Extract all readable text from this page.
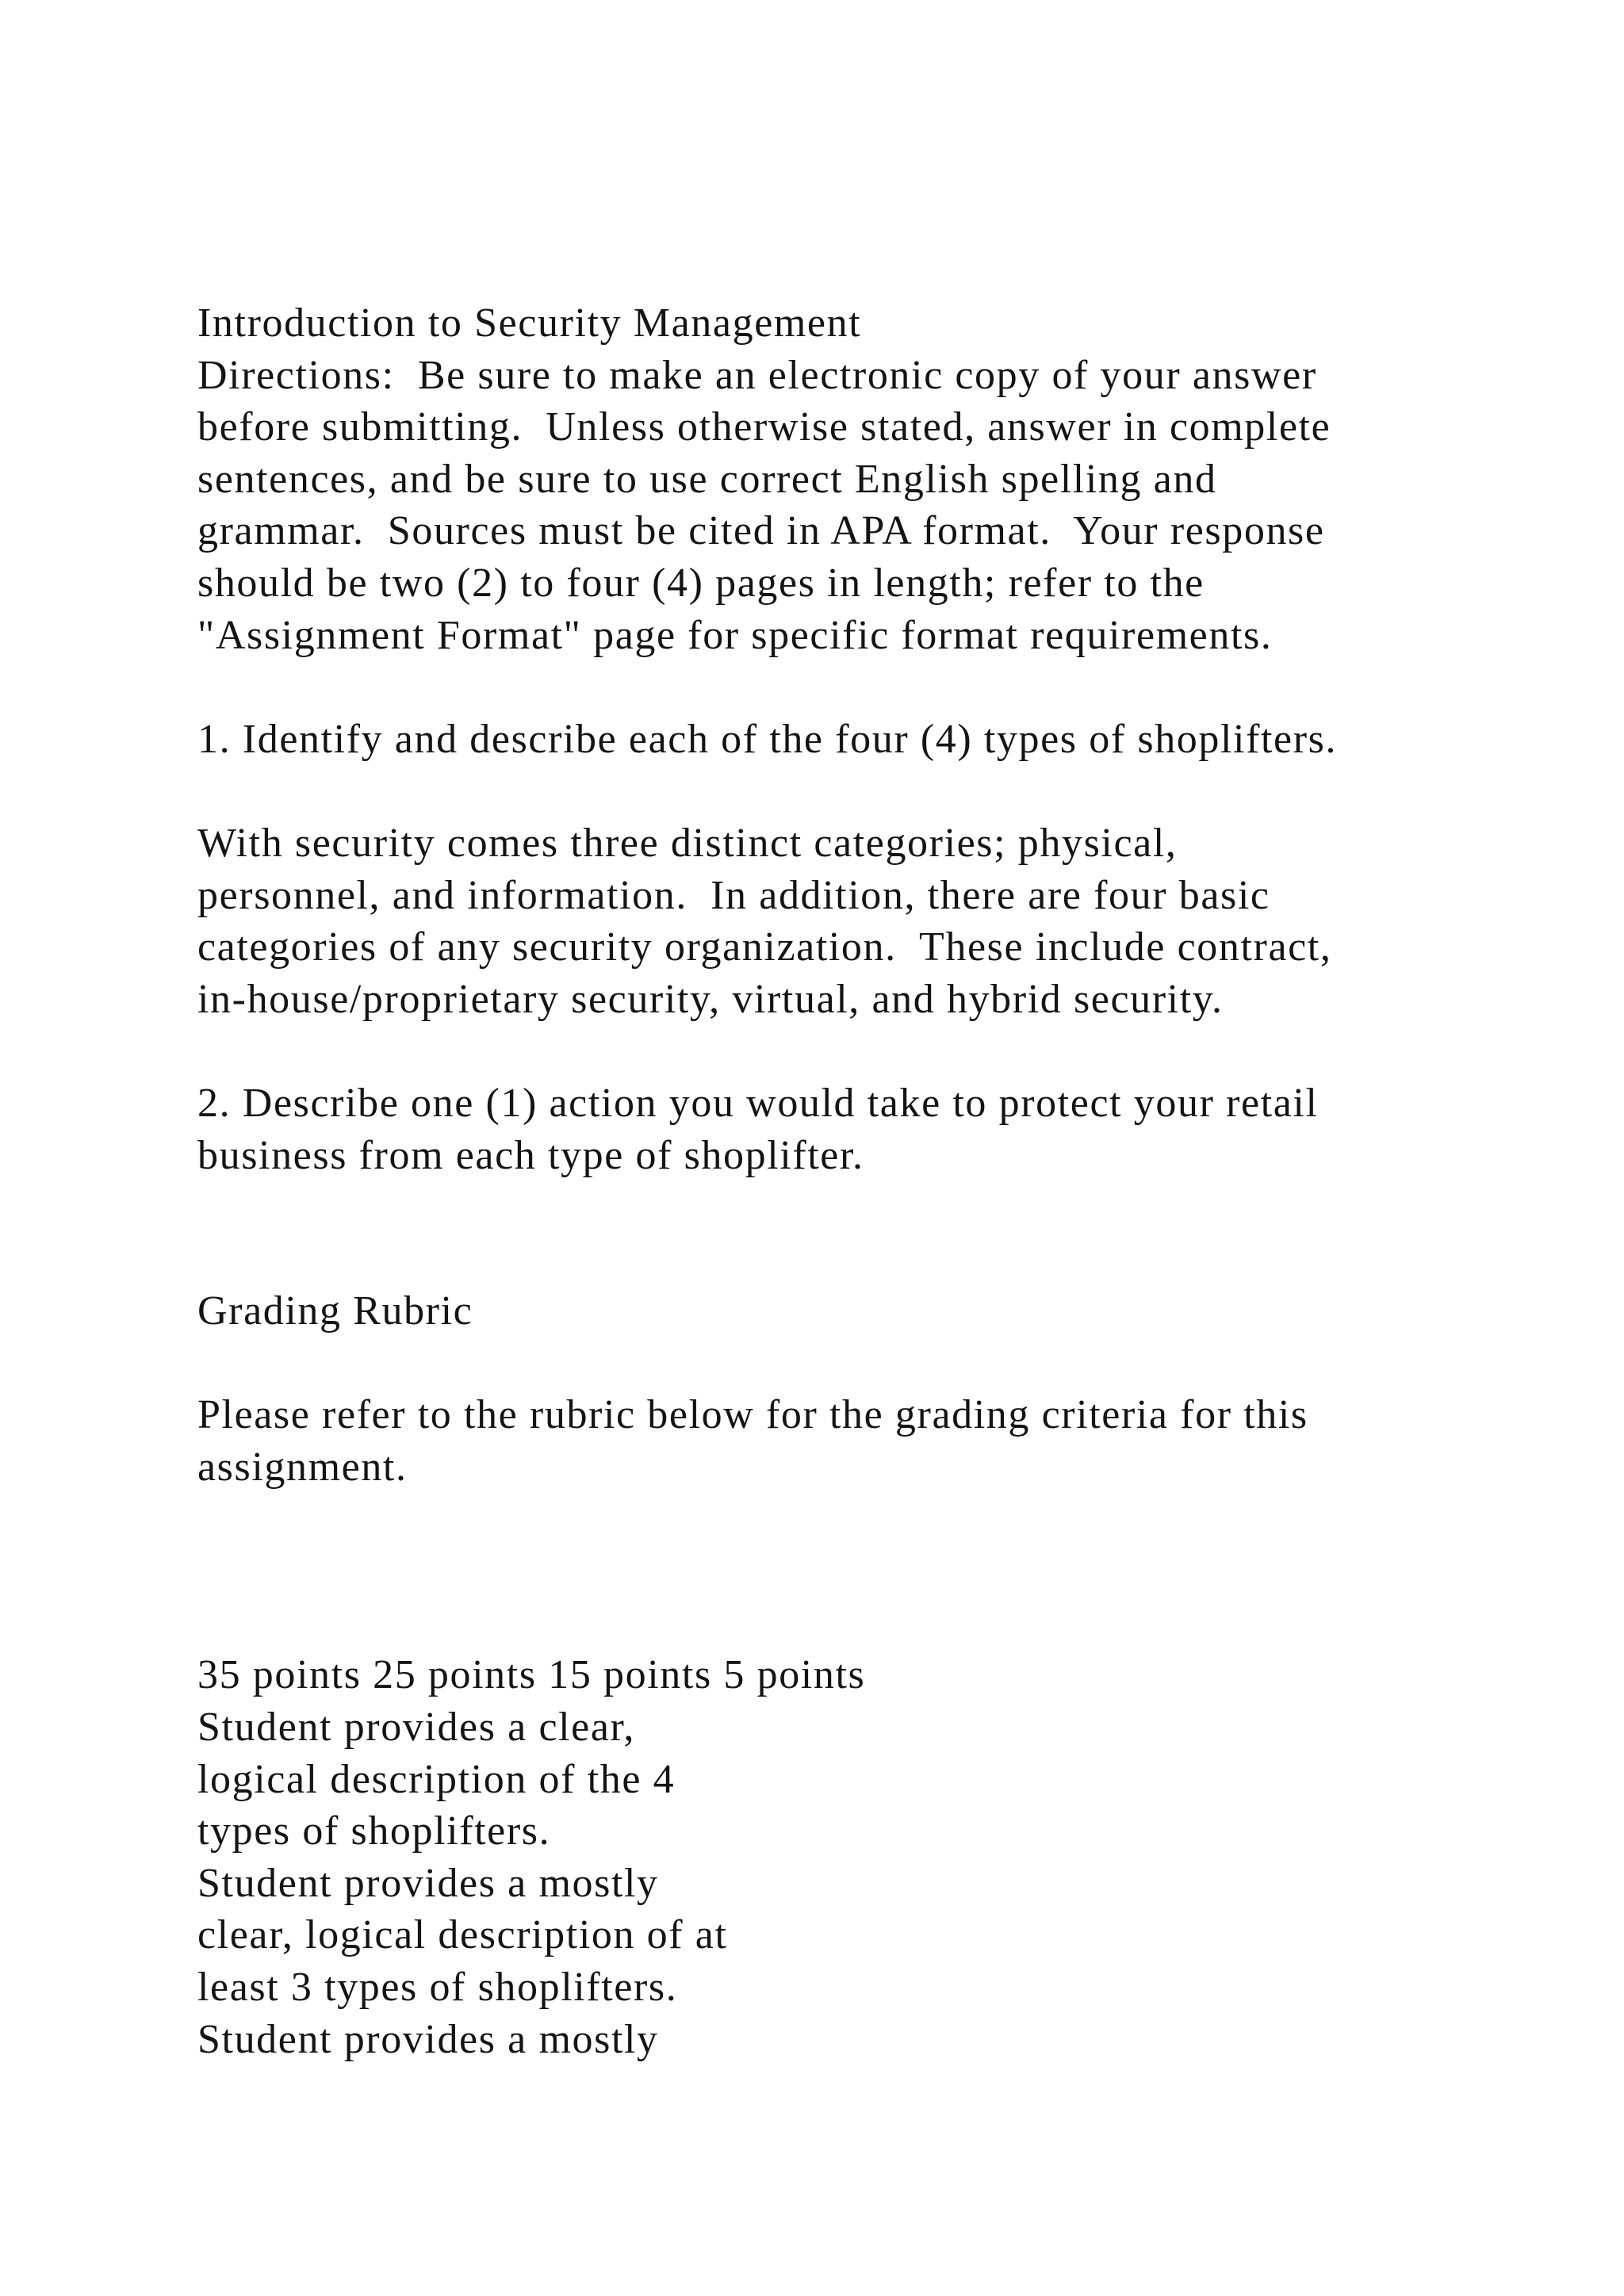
Introduction to Security Management
Directions:  Be sure to make an electronic copy of your answer
before submitting.  Unless otherwise stated, answer in complete
sentences, and be sure to use correct English spelling and
grammar.  Sources must be cited in APA format.  Your response
should be two (2) to four (4) pages in length; refer to the
"Assignment Format" page for specific format requirements.
1. Identify and describe each of the four (4) types of shoplifters.
With security comes three distinct categories; physical,
personnel, and information.  In addition, there are four basic
categories of any security organization.  These include contract,
in-house/proprietary security, virtual, and hybrid security.
2. Describe one (1) action you would take to protect your retail
business from each type of shoplifter.
Grading Rubric
Please refer to the rubric below for the grading criteria for this
assignment.
35 points 25 points 15 points 5 points
Student provides a clear,
logical description of the 4
types of shoplifters.
Student provides a mostly
clear, logical description of at
least 3 types of shoplifters.
Student provides a mostly
